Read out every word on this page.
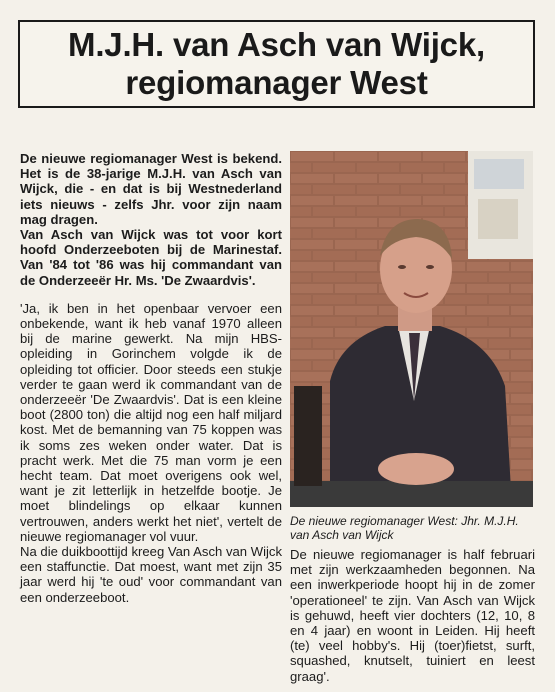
M.J.H. van Asch van Wijck,
regiomanager West

De nieuwe regiomanager West is bekend. Het is de 38-jarige M.J.H. van Asch van Wijck, die - en dat is bij Westnederland iets nieuws - zelfs Jhr. voor zijn naam mag dragen.

Van Asch van Wijck was tot voor kort hoofd Onderzeeboten bij de Marinestaf. Van '84 tot '86 was hij commandant van de Onderzeeër Hr. Ms. 'De Zwaardvis'.

'Ja, ik ben in het openbaar vervoer een onbekende, want ik heb vanaf 1970 alleen bij de marine gewerkt. Na mijn HBS-opleiding in Gorinchem volgde ik de opleiding tot officier. Door steeds een stukje verder te gaan werd ik commandant van de onderzeeër 'De Zwaardvis'. Dat is een kleine boot (2800 ton) die altijd nog een half miljard kost. Met de bemanning van 75 koppen was ik soms zes weken onder water. Dat is pracht werk. Met die 75 man vorm je een hecht team. Dat moet overigens ook wel, want je zit letterlijk in hetzelfde bootje. Je moet blindelings op elkaar kunnen vertrouwen, anders werkt het niet', vertelt de nieuwe regiomanager vol vuur.

Na die duikboottijd kreeg Van Asch van Wijck een staffunctie. Dat moest, want met zijn 35 jaar werd hij 'te oud' voor commandant van een onderzeeboot.

De nieuwe regiomanager West: Jhr. M.J.H. van Asch van Wijck

De nieuwe regiomanager is half februari met zijn werkzaamheden begonnen. Na een inwerkperiode hoopt hij in de zomer 'operationeel' te zijn. Van Asch van Wijck is gehuwd, heeft vier dochters (12, 10, 8 en 4 jaar) en woont in Leiden. Hij heeft (te) veel hobby's. Hij (toer)fietst, surft, squashed, knutselt, tuiniert en leest graag'.
